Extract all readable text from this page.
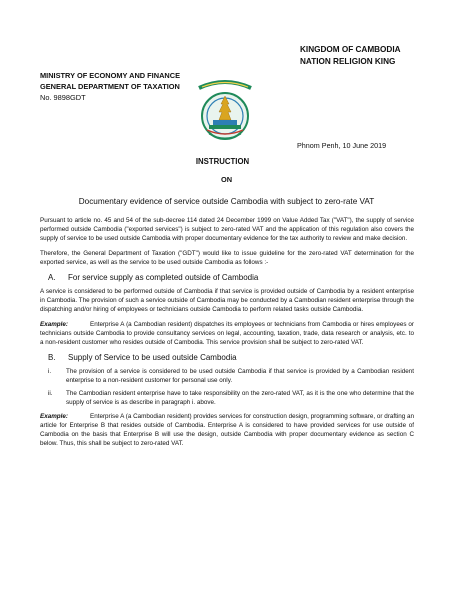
KINGDOM OF CAMBODIA
NATION RELIGION KING
MINISTRY OF ECONOMY AND FINANCE
GENERAL DEPARTMENT OF TAXATION
No. 9898GDT
Phnom Penh, 10 June 2019
INSTRUCTION
ON
Documentary evidence of service outside Cambodia with subject to zero-rate VAT

Pursuant to article no. 45 and 54 of the sub-decree 114 dated 24 December 1999 on Value Added Tax ("VAT"), the supply of service performed outside Cambodia ("exported services") is subject to zero-rated VAT and the application of this regulation also covers the supply of service to be used outside Cambodia with proper documentary evidence for the tax authority to review and make decision.

Therefore, the General Department of Taxation ("GDT") would like to issue guideline for the zero-rated VAT determination for the exported service, as well as the service to be used outside Cambodia as follows :-

A.	For service supply as completed outside of Cambodia

A service is considered to be performed outside of Cambodia if that service is provided outside of Cambodia by a resident enterprise in Cambodia. The provision of such a service outside of Cambodia may be conducted by a Cambodian resident enterprise through the dispatching and/or hiring of employees or technicians outside Cambodia to perform related tasks outside Cambodia.

Example:	Enterprise A (a Cambodian resident) dispatches its employees or technicians from Cambodia or hires employees or technicians outside Cambodia to provide consultancy services on legal, accounting, taxation, trade, data research or analysis, etc. to a non-resident customer who resides outside of Cambodia. This service provision shall be subject to zero-rated VAT.

B.	Supply of Service to be used outside Cambodia
i.	The provision of a service is considered to be used outside Cambodia if that service is provided by a Cambodian resident enterprise to a non-resident customer for personal use only.
ii.	The Cambodian resident enterprise have to take responsibility on the zero-rated VAT, as it is the one who determine that the supply of service is as describe in paragraph i. above.

Example:	Enterprise A (a Cambodian resident) provides services for construction design, programming software, or drafting an article for Enterprise B that resides outside of Cambodia. Enterprise A is considered to have provided services for use outside of Cambodia on the basis that Enterprise B will use the design, outside Cambodia with proper documentary evidence as section C below. Thus, this shall be subject to zero-rated VAT.
